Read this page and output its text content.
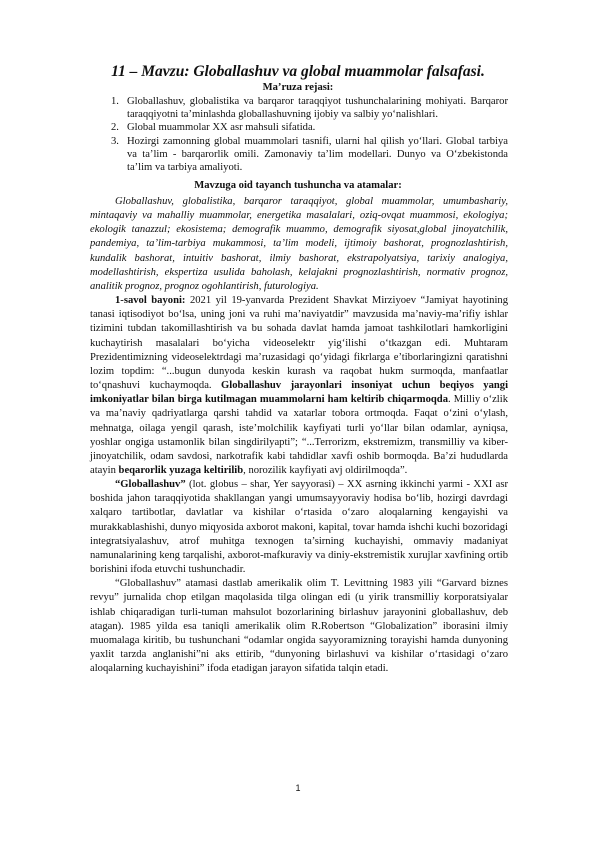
11 – Mavzu: Globallashuv va global muammolar falsafasi.
Ma’ruza rejasi:
1. Globallashuv, globalistika va barqaror taraqqiyot tushunchalarining mohiyati. Barqaror taraqqiyotni ta’minlashda globallashuvning ijobiy va salbiy yo‘nalishlari.
2. Global muammolar XX asr mahsuli sifatida.
3. Hozirgi zamonning global muammolari tasnifi, ularni hal qilish yo‘llari. Global tarbiya va ta’lim - barqarorlik omili. Zamonaviy ta’lim modellari. Dunyo va O‘zbekistonda ta’lim va tarbiya amaliyoti.
Mavzuga oid tayanch tushuncha va atamalar:

Globallashuv, globalistika, barqaror taraqqiyot, global muammolar, umumbashariy, mintaqaviy va mahalliy muammolar, energetika masalalari, oziq-ovqat muammosi, ekologiya; ekologik tanazzul; ekosistema; demografik muammo, demografik siyosat,global jinoyatchilik, pandemiya, ta’lim-tarbiya mukammosi, ta’lim modeli, ijtimoiy bashorat, prognozlashtirish, kundalik bashorat, intuitiv bashorat, ilmiy bashorat, ekstrapolyatsiya, tarixiy analogiya, modellashtirish, ekspertiza usulida baholash, kelajakni prognozlashtirish, normativ prognoz, analitik prognoz, prognoz ogohlantirish, futurologiya.

1-savol bayoni: 2021 yil 19-yanvarda Prezident Shavkat Mirziyoev “Jamiyat hayotining tanasi iqtisodiyot bo‘lsa, uning joni va ruhi ma’naviyatdir” mavzusida ma’naviy-ma’rifiy ishlar tizimini tubdan takomillashtirish va bu sohada davlat hamda jamoat tashkilotlari hamkorligini kuchaytirish masalalari bo‘yicha videoselektr yig‘ilishi o‘tkazgan edi. Muhtaram Prezidentimizning videoselektrdagi ma’ruzasidagi qo‘yidagi fikrlarga e’tiborlaringizni qaratishni lozim topdim: “...bugun dunyoda keskin kurash va raqobat hukm surmoqda, manfaatlar to‘qnashuvi kuchaymoqda. Globallashuv jarayonlari insoniyat uchun beqiyos yangi imkoniyatlar bilan birga kutilmagan muammolarni ham keltirib chiqarmoqda. Milliy o‘zlik va ma’naviy qadriyatlarga qarshi tahdid va xatarlar tobora ortmoqda. Faqat o‘zini o‘ylash, mehnatga, oilaga yengil qarash, iste’molchilik kayfiyati turli yo‘llar bilan odamlar, ayniqsa, yoshlar ongiga ustamonlik bilan singdirilyapti”; “...Terrorizm, ekstremizm, transmilliy va kiber-jinoyatchilik, odam savdosi, narkotrafik kabi tahdidlar xavfi oshib bormoqda. Ba’zi hududlarda atayin beqarorlik yuzaga keltirilib, norozilik kayfiyati avj oldirilmoqda”.

“Globallashuv” (lot. globus – shar, Yer sayyorasi) – XX asrning ikkinchi yarmi - XXI asr boshida jahon taraqqiyotida shakllangan yangi umumsayyoraviy hodisa bo‘lib, hozirgi davrdagi xalqaro tartibotlar, davlatlar va kishilar o‘rtasida o‘zaro aloqalarning kengayishi va murakkablashishi, dunyo miqyosida axborot makoni, kapital, tovar hamda ishchi kuchi bozoridagi integratsiyalashuv, atrof muhitga texnogen ta’sirning kuchayishi, ommaviy madaniyat namunalarining keng tarqalishi, axborot-mafkuraviy va diniy-ekstremistik xurujlar xavfining ortib borishini ifoda etuvchi tushunchadir.

“Globallashuv” atamasi dastlab amerikalik olim T. Levittning 1983 yili “Garvard biznes revyu” jurnalida chop etilgan maqolasida tilga olingan edi (u yirik transmilliy korporatsiyalar ishlab chiqaradigan turli-tuman mahsulot bozorlarining birlashuv jarayonini globallashuv, deb atagan). 1985 yilda esa taniqli amerikalik olim R.Robertson “Globalization” iborasini ilmiy muomalaga kiritib, bu tushunchani “odamlar ongida sayyoramizning torayishi hamda dunyoning yaxlit tarzda anglanishi”ni aks ettirib, “dunyoning birlashuvi va kishilar o‘rtasidagi o‘zaro aloqalarning kuchayishini” ifoda etadigan jarayon sifatida talqin etadi.

1
